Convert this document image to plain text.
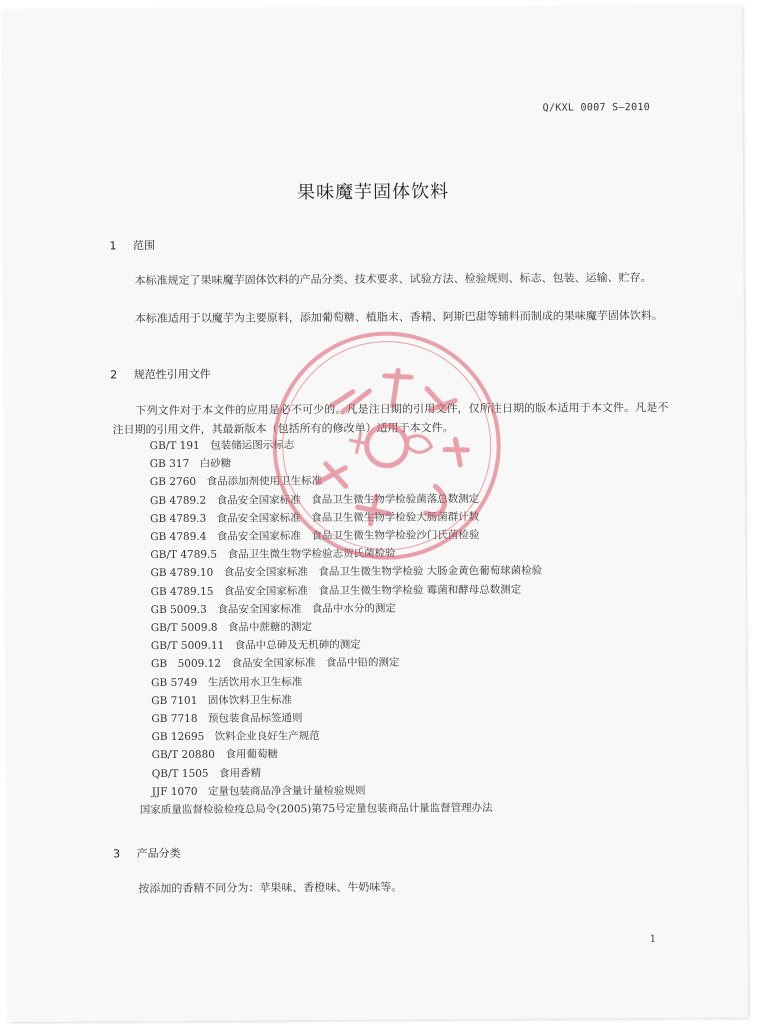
Q/KXL 0007 S—2010
果味魔芋固体饮料
1 范围
本标准规定了果味魔芋固体饮料的产品分类、技术要求、试验方法、检验规则、标志、包装、运输、贮存。
本标准适用于以魔芋为主要原料，添加葡萄糖、植脂末、香精、阿斯巴甜等辅料而制成的果味魔芋固体饮料。
2 规范性引用文件
下列文件对于本文件的应用是必不可少的。凡是注日期的引用文件，仅所注日期的版本适用于本文件。凡是不注日期的引用文件，其最新版本（包括所有的修改单）适用于本文件。
GB/T 191　包装储运图示标志
GB 317　白砂糖
GB 2760　食品添加剂使用卫生标准
GB 4789.2　食品安全国家标准　食品卫生微生物学检验菌落总数测定
GB 4789.3　食品安全国家标准　食品卫生微生物学检验大肠菌群计数
GB 4789.4　食品安全国家标准　食品卫生微生物学检验沙门氏菌检验
GB/T 4789.5　食品卫生微生物学检验志贺氏菌检验
GB 4789.10　食品安全国家标准　食品卫生微生物学检验 大肠金黄色葡萄球菌检验
GB 4789.15　食品安全国家标准　食品卫生微生物学检验 霉菌和酵母总数测定
GB 5009.3　食品安全国家标准　食品中水分的测定
GB/T 5009.8　食品中蔗糖的测定
GB/T 5009.11　食品中总砷及无机砷的测定
GB　5009.12　食品安全国家标准　食品中铅的测定
GB 5749　生活饮用水卫生标准
GB 7101　固体饮料卫生标准
GB 7718　预包装食品标签通则
GB 12695　饮料企业良好生产规范
GB/T 20880　食用葡萄糖
QB/T 1505　食用香精
JJF 1070　定量包装商品净含量计量检验规则
国家质量监督检验检疫总局令(2005)第75号定量包装商品计量监督管理办法
3 产品分类
按添加的香精不同分为：苹果味、香橙味、牛奶味等。
1
